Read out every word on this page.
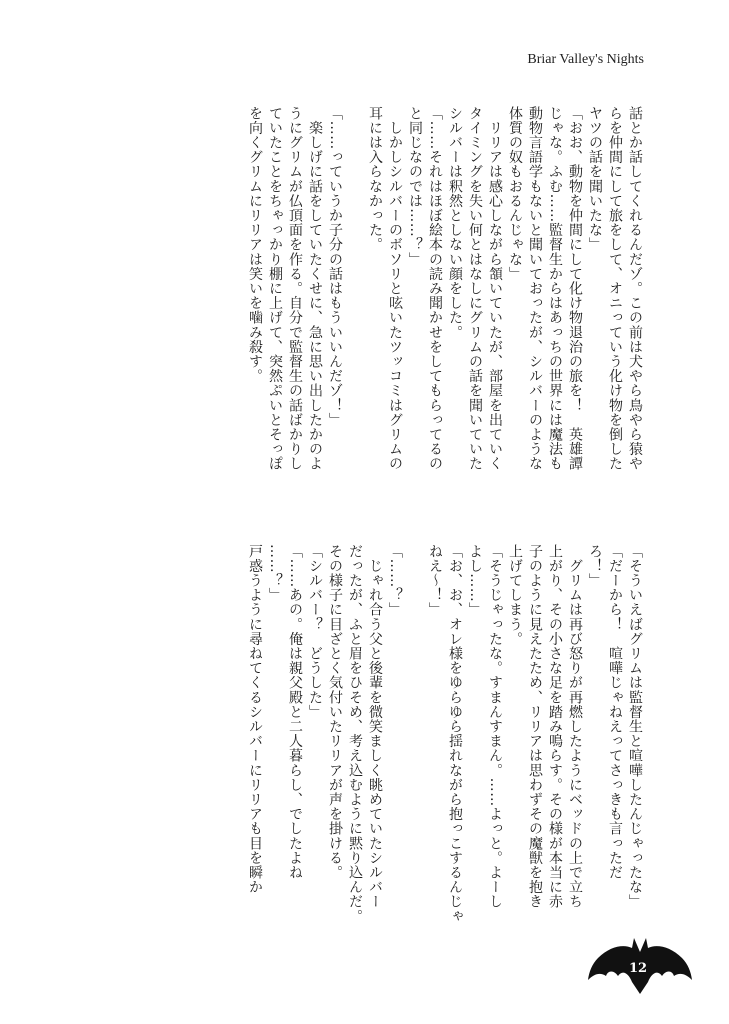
Briar Valley's Nights
話とか話してくれるんだゾ。この前は犬やら鳥やら猿や
らを仲間にして旅をして、オニっていう化け物を倒した
ヤツの話を聞いたな」
「おお、動物を仲間にして化け物退治の旅を！　英雄譚
じゃな。ふむ……監督生からはあっちの世界には魔法も
動物言語学もないと聞いておったが、シルバーのような
体質の奴もおるんじゃな」
　リリアは感心しながら頷いていたが、部屋を出ていく
タイミングを失い何とはなしにグリムの話を聞いていた
シルバーは釈然としない顔をした。
「……それはほぼ絵本の読み聞かせをしてもらってるの
と同じなのでは……？」
　しかしシルバーのボソリと呟いたツッコミはグリムの
耳には入らなかった。
「……っていうか子分の話はもういいんだゾ！」
　楽しげに話をしていたくせに、急に思い出したかのよ
うにグリムが仏頂面を作る。自分で監督生の話ばかりし
ていたことをちゃっかり棚に上げて、突然ぷいとそっぽ
を向くグリムにリリアは笑いを噛み殺す。
「そういえばグリムは監督生と喧嘩したんじゃったな」
「だーから！　喧嘩じゃねえってさっきも言っただ
ろ！」
　グリムは再び怒りが再燃したようにベッドの上で立ち
上がり、その小さな足を踏み鳴らす。その様が本当に赤
子のように見えたため、リリアは思わずその魔獣を抱き
上げてしまう。
「そうじゃったな。すまんすまん。……よっと。よーし
よし……」
「お、お、オレ様をゆらゆら揺れながら抱っこするんじゃ
ねえ～！」
「……？」
　じゃれ合う父と後輩を微笑ましく眺めていたシルバー
だったが、ふと眉をひそめ、考え込むように黙り込んだ。
その様子に目ざとく気付いたリリアが声を掛ける。
「シルバー？　どうした」
「……あの。俺は親父殿と二人暮らし、でしたよね
……？」
戸惑うように尋ねてくるシルバーにリリアも目を瞬か
12
